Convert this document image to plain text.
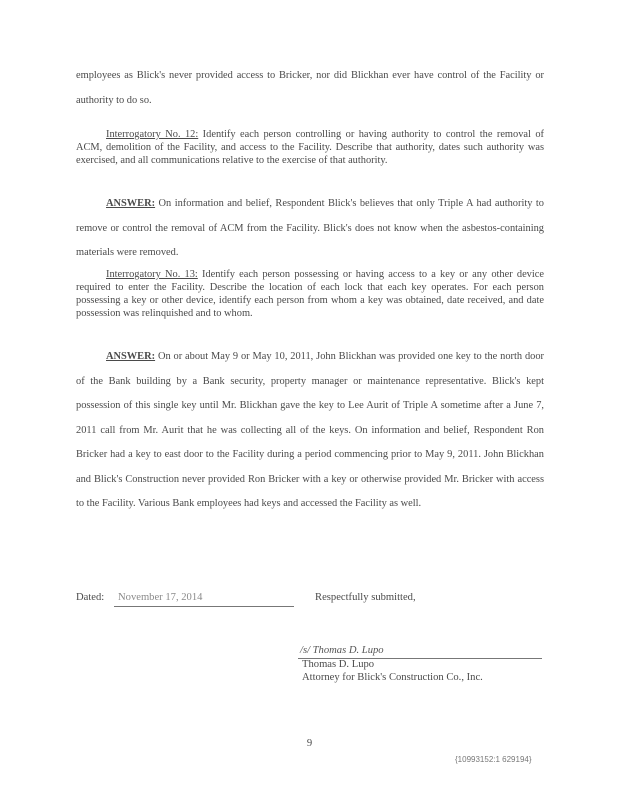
employees as Blick's never provided access to Bricker, nor did Blickhan ever have control of the Facility or authority to do so.

Interrogatory No. 12: Identify each person controlling or having authority to control the removal of ACM, demolition of the Facility, and access to the Facility. Describe that authority, dates such authority was exercised, and all communications relative to the exercise of that authority.

ANSWER: On information and belief, Respondent Blick's believes that only Triple A had authority to remove or control the removal of ACM from the Facility. Blick's does not know when the asbestos-containing materials were removed.

Interrogatory No. 13: Identify each person possessing or having access to a key or any other device required to enter the Facility. Describe the location of each lock that each key operates. For each person possessing a key or other device, identify each person from whom a key was obtained, date received, and date possession was relinquished and to whom.

ANSWER: On or about May 9 or May 10, 2011, John Blickhan was provided one key to the north door of the Bank building by a Bank security, property manager or maintenance representative. Blick's kept possession of this single key until Mr. Blickhan gave the key to Lee Aurit of Triple A sometime after a June 7, 2011 call from Mr. Aurit that he was collecting all of the keys. On information and belief, Respondent Ron Bricker had a key to east door to the Facility during a period commencing prior to May 9, 2011. John Blickhan and Blick's Construction never provided Ron Bricker with a key or otherwise provided Mr. Bricker with access to the Facility. Various Bank employees had keys and accessed the Facility as well.

Dated: November 17, 2014	Respectfully submitted,
/s/ Thomas D. Lupo
Thomas D. Lupo
Attorney for Blick's Construction Co., Inc.
9
{10993152:1 629194}
